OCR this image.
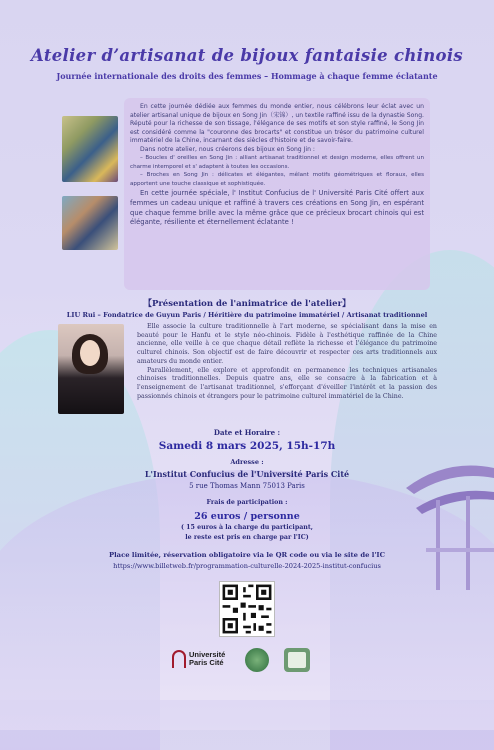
Atelier d’artisanat de bijoux fantaisie chinois
Journée internationale des droits des femmes – Hommage à chaque femme éclatante

En cette journée dédiée aux femmes du monde entier, nous célébrons leur éclat avec un atelier artisanal unique de bijoux en Song Jin（宋锦）, un textile raffiné issu de la dynastie Song. Réputé pour la richesse de son tissage, l'élégance de ses motifs et son style raffiné, le Song Jin est considéré comme la "couronne des brocarts" et constitue un trésor du patrimoine culturel immatériel de la Chine, incarnant des siècles d'histoire et de savoir-faire.

Dans notre atelier, nous créerons des bijoux en Song Jin :

– Boucles d' oreilles en Song Jin : alliant artisanat traditionnel et design moderne, elles offrent un charme intemporel et s' adaptent à toutes les occasions.

– Broches en Song Jin : délicates et élégantes, mêlant motifs géométriques et floraux, elles apportent une touche classique et sophistiquée.

En cette journée spéciale, l' Institut Confucius de l' Université Paris Cité offert aux femmes un cadeau unique et raffiné à travers ces créations en Song Jin, en espérant que chaque femme brille avec la même grâce que ce précieux brocart chinois qui est élégante, résiliente et éternellement éclatante !

【Présentation de l'animatrice de l'atelier】
LIU Rui – Fondatrice de Guyun Paris / Héritière du patrimoine immatériel / Artisanat traditionnel

Elle associe la culture traditionnelle à l'art moderne, se spécialisant dans la mise en beauté pour le Hanfu et le style néo-chinois. Fidèle à l'esthétique raffinée de la Chine ancienne, elle veille à ce que chaque détail reflète la richesse et l'élégance du patrimoine culturel chinois. Son objectif est de faire découvrir et respecter ces arts traditionnels aux amateurs du monde entier.

Parallèlement, elle explore et approfondit en permanence les techniques artisanales chinoises traditionnelles. Depuis quatre ans, elle se consacre à la fabrication et à l'enseignement de l'artisanat traditionnel, s'efforçant d'éveiller l'intérêt et la passion des passionnés chinois et étrangers pour le patrimoine culturel immatériel de la Chine.

Date et Horaire :
Samedi 8 mars 2025, 15h-17h
Adresse :
L'Institut Confucius de l'Université Paris Cité
5 rue Thomas Mann 75013 Paris
Frais de participation :
26 euros / personne
( 15 euros à la charge du participant,
le reste est pris en charge par l'IC)
Place limitée, réservation obligatoire via le QR code ou via le site de l'IC
https://www.billetweb.fr/programmation-culturelle-2024-2025-institut-confucius
Université
Paris Cité
